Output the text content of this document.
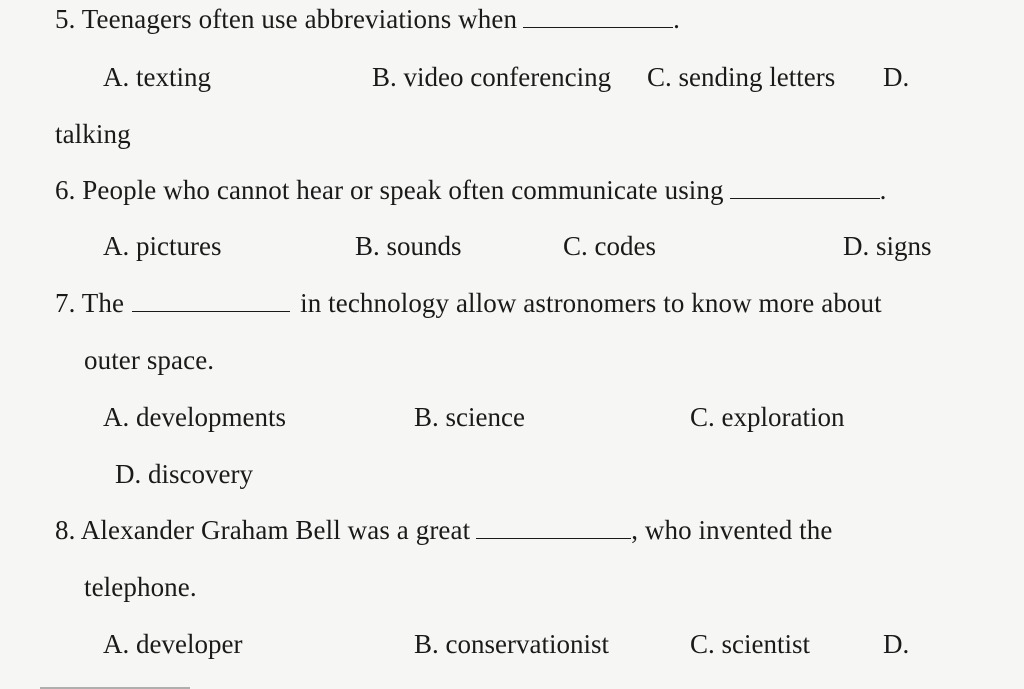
5. Teenagers often use abbreviations when	.
A. texting	B. video conferencing C. sending letters D.
talking
6. People who cannot hear or speak often communicate using	.
A. pictures	B. sounds	C. codes	D. signs
7. The	in technology allow astronomers to know more about
outer space.
A. developments	B. science	C. exploration
D. discovery
8. Alexander Graham Bell was a great	, who invented the
telephone.
A. developer	B. conservationist	C. scientist	D.
